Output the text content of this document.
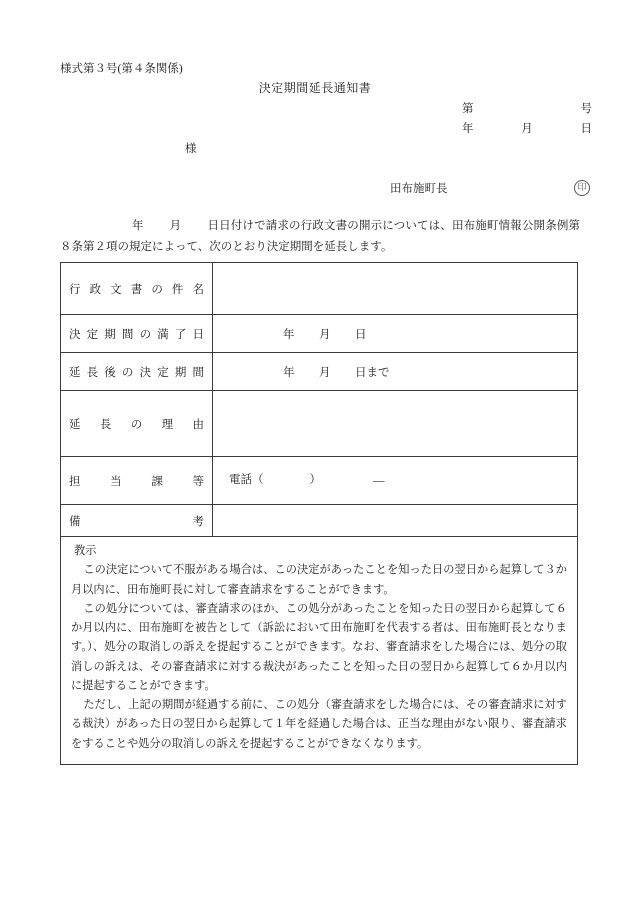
様式第３号(第４条関係)
決定期間延長通知書
第	号
年	月	日
様
田布施町長	印
年 月 日日付けで請求の行政文書の開示については、田布施町情報公開条例第８条第２項の規定によって、次のとおり決定期間を延長します。
行政文書の件名	

決定期間の満了日	年 月 日

延長後の決定期間	年 月 日まで

延長の理由	

担当課等	電話（ ） ―

備考	

教示

この決定について不服がある場合は、この決定があったことを知った日の翌日から起算して３か月以内に、田布施町長に対して審査請求をすることができます。

この処分については、審査請求のほか、この処分があったことを知った日の翌日から起算して６か月以内に、田布施町を被告として（訴訟において田布施町を代表する者は、田布施町長となります。）、処分の取消しの訴えを提起することができます。なお、審査請求をした場合には、処分の取消しの訴えは、その審査請求に対する裁決があったことを知った日の翌日から起算して６か月以内に提起することができます。

ただし、上記の期間が経過する前に、この処分（審査請求をした場合には、その審査請求に対する裁決）があった日の翌日から起算して１年を経過した場合は、正当な理由がない限り、審査請求をすることや処分の取消しの訴えを提起することができなくなります。
